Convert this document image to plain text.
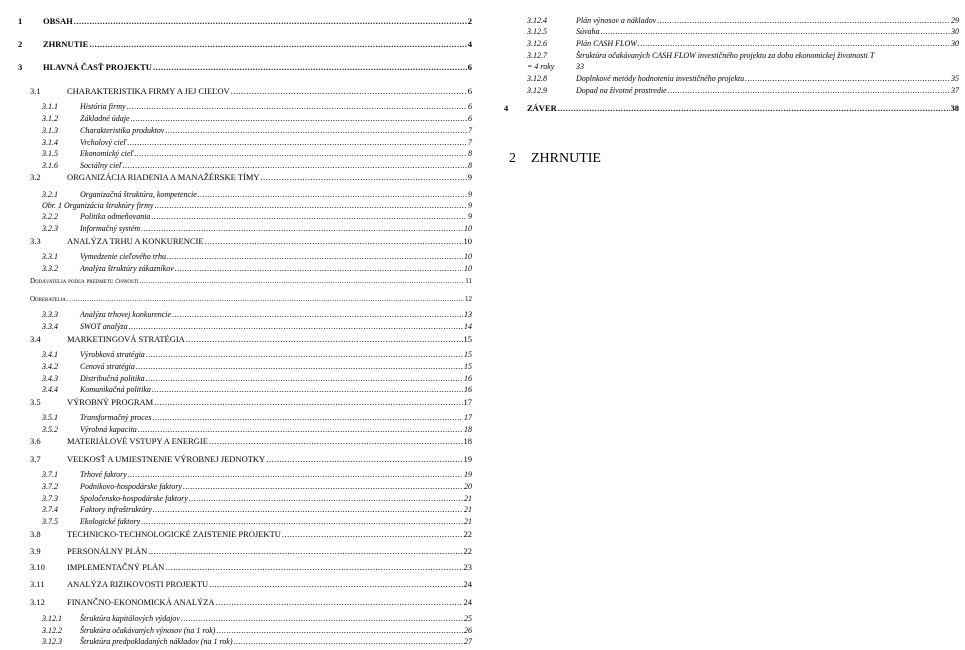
1	OBSAH .....	2
2	ZHRNUTIE .....	4
3	HLAVNÁ ČASŤ PROJEKTU .....	6
3.1	CHARAKTERISTIKA FIRMY A JEJ CIEĽOV .....	6
3.1.1	História firmy .....	6
3.1.2	Základné údaje .....	6
3.1.3	Charakteristika produktov .....	7
3.1.4	Vrcholový cieľ .....	7
3.1.5	Ekonomický cieľ .....	8
3.1.6	Sociálny cieľ .....	8
3.2	ORGANIZÁCIA RIADENIA A MANAŽÉRSKE TÍMY .....	9
3.2.1	Organizačná štruktúra, kompetencie .....	9
Obr. 1 Organizácia štruktúry firmy .....	9
3.2.2	Politika odmeňovania .....	9
3.2.3	Informačný systém .....	10
3.3	ANALÝZA TRHU A KONKURENCIE .....	10
3.3.1	Vymedzenie cieľového trhu .....	10
3.3.2	Analýza štruktúry zákazníkov .....	10
Dodávatelia podľa predmetu činnosti .....	11
Odberatelia .....	12
3.3.3	Analýza trhovej konkurencie .....	13
3.3.4	SWOT analýza .....	14
3.4	MARKETINGOVÁ STRATÉGIA .....	15
3.4.1	Výrobková stratégia .....	15
3.4.2	Cenová stratégia .....	15
3.4.3	Distribučná politika .....	16
3.4.4	Komunikačná politika .....	16
3.5	VÝROBNÝ PROGRAM .....	17
3.5.1	Transformačný proces .....	17
3.5.2	Výrobná kapacita .....	18
3.6	MATERIÁLOVÉ VSTUPY A ENERGIE .....	18
3.7	VEĽKOSŤ A UMIESTNENIE VÝROBNEJ JEDNOTKY .....	19
3.7.1	Trhové faktory .....	19
3.7.2	Podnikovo-hospodárske faktory .....	20
3.7.3	Spoločensko-hospodárske faktory .....	21
3.7.4	Faktory infraštruktúry .....	21
3.7.5	Ekologické faktory .....	21
3.8	TECHNICKO-TECHNOLOGICKÉ ZAISTENIE PROJEKTU .....	22
3.9	PERSONÁLNY PLÁN .....	22
3.10	IMPLEMENTAČNÝ PLÁN .....	23
3.11	ANALÝZA RIZIKOVOSTI PROJEKTU .....	24
3.12	FINANČNO-EKONOMICKÁ ANALÝZA .....	24
3.12.1	Štruktúra kapitálových výdajov .....	25
3.12.2	Štruktúra očakávaných výnosov (na 1 rok) .....	26
3.12.3	Štruktúra predpokladaných nákladov (na 1 rok) .....	27
3.12.4	Plán výnosov a nákladov .....	29
3.12.5	Súvaha .....	30
3.12.6	Plán CASH FLOW .....	30
3.12.7	Štruktúra očakávaných CASH FLOW investičného projektu za dobu ekonomickej životnosti T
= 4 roky	33
3.12.8	Doplnkové metódy hodnotenia investičného projektu .....	35
3.12.9	Dopad na životné prostredie .....	37
4	ZÁVER .....	38
2 ZHRNUTIE
